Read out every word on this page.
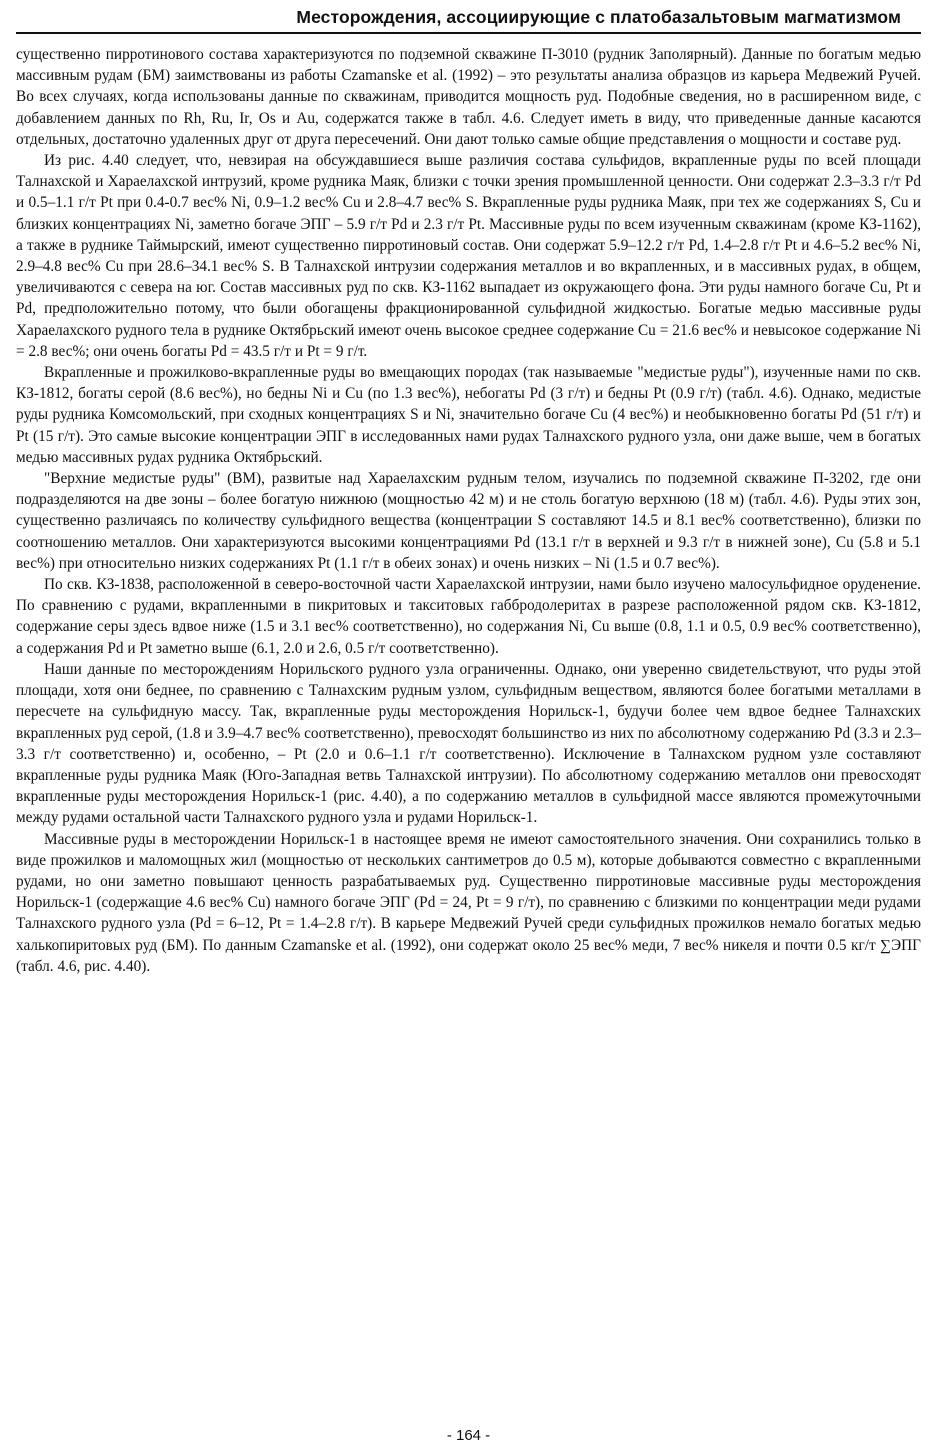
Месторождения, ассоциирующие с платобазальтовым магматизмом

существенно пирротинового состава характеризуются по подземной скважине П-3010 (рудник Заполярный). Данные по богатым медью массивным рудам (БМ) заимствованы из работы Czamanske et al. (1992) – это результаты анализа образцов из карьера Медвежий Ручей. Во всех случаях, когда использованы данные по скважинам, приводится мощность руд. Подобные сведения, но в расширенном виде, с добавлением данных по Rh, Ru, Ir, Os и Au, содержатся также в табл. 4.6. Следует иметь в виду, что приведенные данные касаются отдельных, достаточно удаленных друг от друга пересечений. Они дают только самые общие представления о мощности и составе руд.

Из рис. 4.40 следует, что, невзирая на обсуждавшиеся выше различия состава сульфидов, вкрапленные руды по всей площади Талнахской и Хараелахской интрузий, кроме рудника Маяк, близки с точки зрения промышленной ценности. Они содержат 2.3–3.3 г/т Pd и 0.5–1.1 г/т Pt при 0.4-0.7 вес% Ni, 0.9–1.2 вес% Cu и 2.8–4.7 вес% S. Вкрапленные руды рудника Маяк, при тех же содержаниях S, Cu и близких концентрациях Ni, заметно богаче ЭПГ – 5.9 г/т Pd и 2.3 г/т Pt. Массивные руды по всем изученным скважинам (кроме КЗ-1162), а также в руднике Таймырский, имеют существенно пирротиновый состав. Они содержат 5.9–12.2 г/т Pd, 1.4–2.8 г/т Pt и 4.6–5.2 вес% Ni, 2.9–4.8 вес% Cu при 28.6–34.1 вес% S. В Талнахской интрузии содержания металлов и во вкрапленных, и в массивных рудах, в общем, увеличиваются с севера на юг. Состав массивных руд по скв. КЗ-1162 выпадает из окружающего фона. Эти руды намного богаче Cu, Pt и Pd, предположительно потому, что были обогащены фракционированной сульфидной жидкостью. Богатые медью массивные руды Хараелахского рудного тела в руднике Октябрьский имеют очень высокое среднее содержание Cu = 21.6 вес% и невысокое содержание Ni = 2.8 вес%; они очень богаты Pd = 43.5 г/т и Pt = 9 г/т.

Вкрапленные и прожилково-вкрапленные руды во вмещающих породах (так называемые "медистые руды"), изученные нами по скв. КЗ-1812, богаты серой (8.6 вес%), но бедны Ni и Cu (по 1.3 вес%), небогаты Pd (3 г/т) и бедны Pt (0.9 г/т) (табл. 4.6). Однако, медистые руды рудника Комсомольский, при сходных концентрациях S и Ni, значительно богаче Cu (4 вес%) и необыкновенно богаты Pd (51 г/т) и Pt (15 г/т). Это самые высокие концентрации ЭПГ в исследованных нами рудах Талнахского рудного узла, они даже выше, чем в богатых медью массивных рудах рудника Октябрьский.

"Верхние медистые руды" (ВМ), развитые над Хараелахским рудным телом, изучались по подземной скважине П-3202, где они подразделяются на две зоны – более богатую нижнюю (мощностью 42 м) и не столь богатую верхнюю (18 м) (табл. 4.6). Руды этих зон, существенно различаясь по количеству сульфидного вещества (концентрации S составляют 14.5 и 8.1 вес% соответственно), близки по соотношению металлов. Они характеризуются высокими концентрациями Pd (13.1 г/т в верхней и 9.3 г/т в нижней зоне), Cu (5.8 и 5.1 вес%) при относительно низких содержаниях Pt (1.1 г/т в обеих зонах) и очень низких – Ni (1.5 и 0.7 вес%).

По скв. КЗ-1838, расположенной в северо-восточной части Хараелахской интрузии, нами было изучено малосульфидное оруденение. По сравнению с рудами, вкрапленными в пикритовых и такситовых габбродолеритах в разрезе расположенной рядом скв. КЗ-1812, содержание серы здесь вдвое ниже (1.5 и 3.1 вес% соответственно), но содержания Ni, Cu выше (0.8, 1.1 и 0.5, 0.9 вес% соответственно), а содержания Pd и Pt заметно выше (6.1, 2.0 и 2.6, 0.5 г/т соответственно).

Наши данные по месторождениям Норильского рудного узла ограниченны. Однако, они уверенно свидетельствуют, что руды этой площади, хотя они беднее, по сравнению с Талнахским рудным узлом, сульфидным веществом, являются более богатыми металлами в пересчете на сульфидную массу. Так, вкрапленные руды месторождения Норильск-1, будучи более чем вдвое беднее Талнахских вкрапленных руд серой, (1.8 и 3.9–4.7 вес% соответственно), превосходят большинство из них по абсолютному содержанию Pd (3.3 и 2.3–3.3 г/т соответственно) и, особенно, – Pt (2.0 и 0.6–1.1 г/т соответственно). Исключение в Талнахском рудном узле составляют вкрапленные руды рудника Маяк (Юго-Западная ветвь Талнахской интрузии). По абсолютному содержанию металлов они превосходят вкрапленные руды месторождения Норильск-1 (рис. 4.40), а по содержанию металлов в сульфидной массе являются промежуточными между рудами остальной части Талнахского рудного узла и рудами Норильск-1.

Массивные руды в месторождении Норильск-1 в настоящее время не имеют самостоятельного значения. Они сохранились только в виде прожилков и маломощных жил (мощностью от нескольких сантиметров до 0.5 м), которые добываются совместно с вкрапленными рудами, но они заметно повышают ценность разрабатываемых руд. Существенно пирротиновые массивные руды месторождения Норильск-1 (содержащие 4.6 вес% Cu) намного богаче ЭПГ (Pd = 24, Pt = 9 г/т), по сравнению с близкими по концентрации меди рудами Талнахского рудного узла (Pd = 6–12, Pt = 1.4–2.8 г/т). В карьере Медвежий Ручей среди сульфидных прожилков немало богатых медью халькопиритовых руд (БМ). По данным Czamanske et al. (1992), они содержат около 25 вес% меди, 7 вес% никеля и почти 0.5 кг/т ∑ЭПГ (табл. 4.6, рис. 4.40).

- 164 -
